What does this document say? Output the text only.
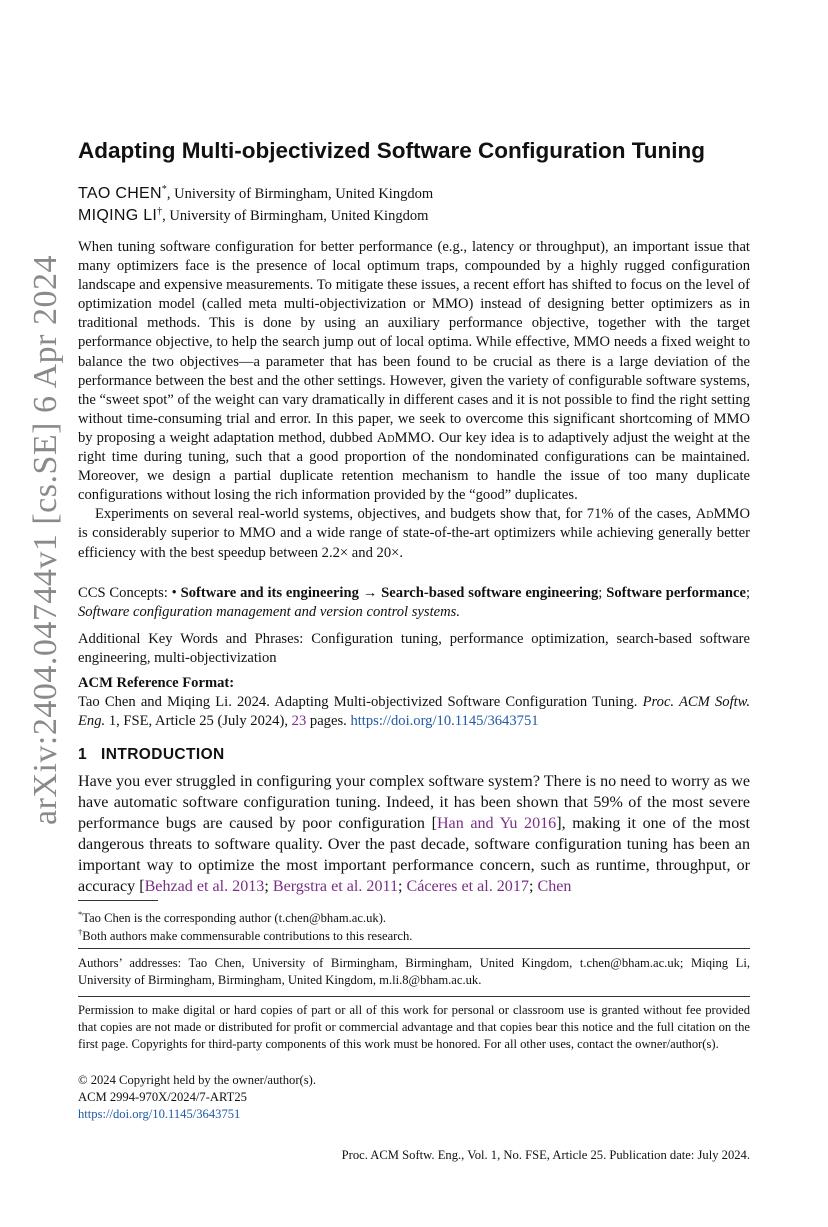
arXiv:2404.04744v1 [cs.SE] 6 Apr 2024
Adapting Multi-objectivized Software Configuration Tuning
TAO CHEN*, University of Birmingham, United Kingdom
MIQING LI†, University of Birmingham, United Kingdom

When tuning software configuration for better performance (e.g., latency or throughput), an important issue that many optimizers face is the presence of local optimum traps, compounded by a highly rugged configuration landscape and expensive measurements. To mitigate these issues, a recent effort has shifted to focus on the level of optimization model (called meta multi-objectivization or MMO) instead of designing better optimizers as in traditional methods. This is done by using an auxiliary performance objective, together with the target performance objective, to help the search jump out of local optima. While effective, MMO needs a fixed weight to balance the two objectives—a parameter that has been found to be crucial as there is a large deviation of the performance between the best and the other settings. However, given the variety of configurable software systems, the “sweet spot” of the weight can vary dramatically in different cases and it is not possible to find the right setting without time-consuming trial and error. In this paper, we seek to overcome this significant shortcoming of MMO by proposing a weight adaptation method, dubbed AdMMO. Our key idea is to adaptively adjust the weight at the right time during tuning, such that a good proportion of the nondominated configurations can be maintained. Moreover, we design a partial duplicate retention mechanism to handle the issue of too many duplicate configurations without losing the rich information provided by the “good” duplicates.

Experiments on several real-world systems, objectives, and budgets show that, for 71% of the cases, AdMMO is considerably superior to MMO and a wide range of state-of-the-art optimizers while achieving generally better efficiency with the best speedup between 2.2× and 20×.

CCS Concepts: • Software and its engineering → Search-based software engineering; Software performance; Software configuration management and version control systems.

Additional Key Words and Phrases: Configuration tuning, performance optimization, search-based software engineering, multi-objectivization

ACM Reference Format:
Tao Chen and Miqing Li. 2024. Adapting Multi-objectivized Software Configuration Tuning. Proc. ACM Softw. Eng. 1, FSE, Article 25 (July 2024), 23 pages. https://doi.org/10.1145/3643751

1 INTRODUCTION

Have you ever struggled in configuring your complex software system? There is no need to worry as we have automatic software configuration tuning. Indeed, it has been shown that 59% of the most severe performance bugs are caused by poor configuration [Han and Yu 2016], making it one of the most dangerous threats to software quality. Over the past decade, software configuration tuning has been an important way to optimize the most important performance concern, such as runtime, throughput, or accuracy [Behzad et al. 2013; Bergstra et al. 2011; Cáceres et al. 2017; Chen

*Tao Chen is the corresponding author (t.chen@bham.ac.uk).
†Both authors make commensurable contributions to this research.

Authors’ addresses: Tao Chen, University of Birmingham, Birmingham, United Kingdom, t.chen@bham.ac.uk; Miqing Li, University of Birmingham, Birmingham, United Kingdom, m.li.8@bham.ac.uk.

Permission to make digital or hard copies of part or all of this work for personal or classroom use is granted without fee provided that copies are not made or distributed for profit or commercial advantage and that copies bear this notice and the full citation on the first page. Copyrights for third-party components of this work must be honored. For all other uses, contact the owner/author(s).

© 2024 Copyright held by the owner/author(s).
ACM 2994-970X/2024/7-ART25
https://doi.org/10.1145/3643751
Proc. ACM Softw. Eng., Vol. 1, No. FSE, Article 25. Publication date: July 2024.
